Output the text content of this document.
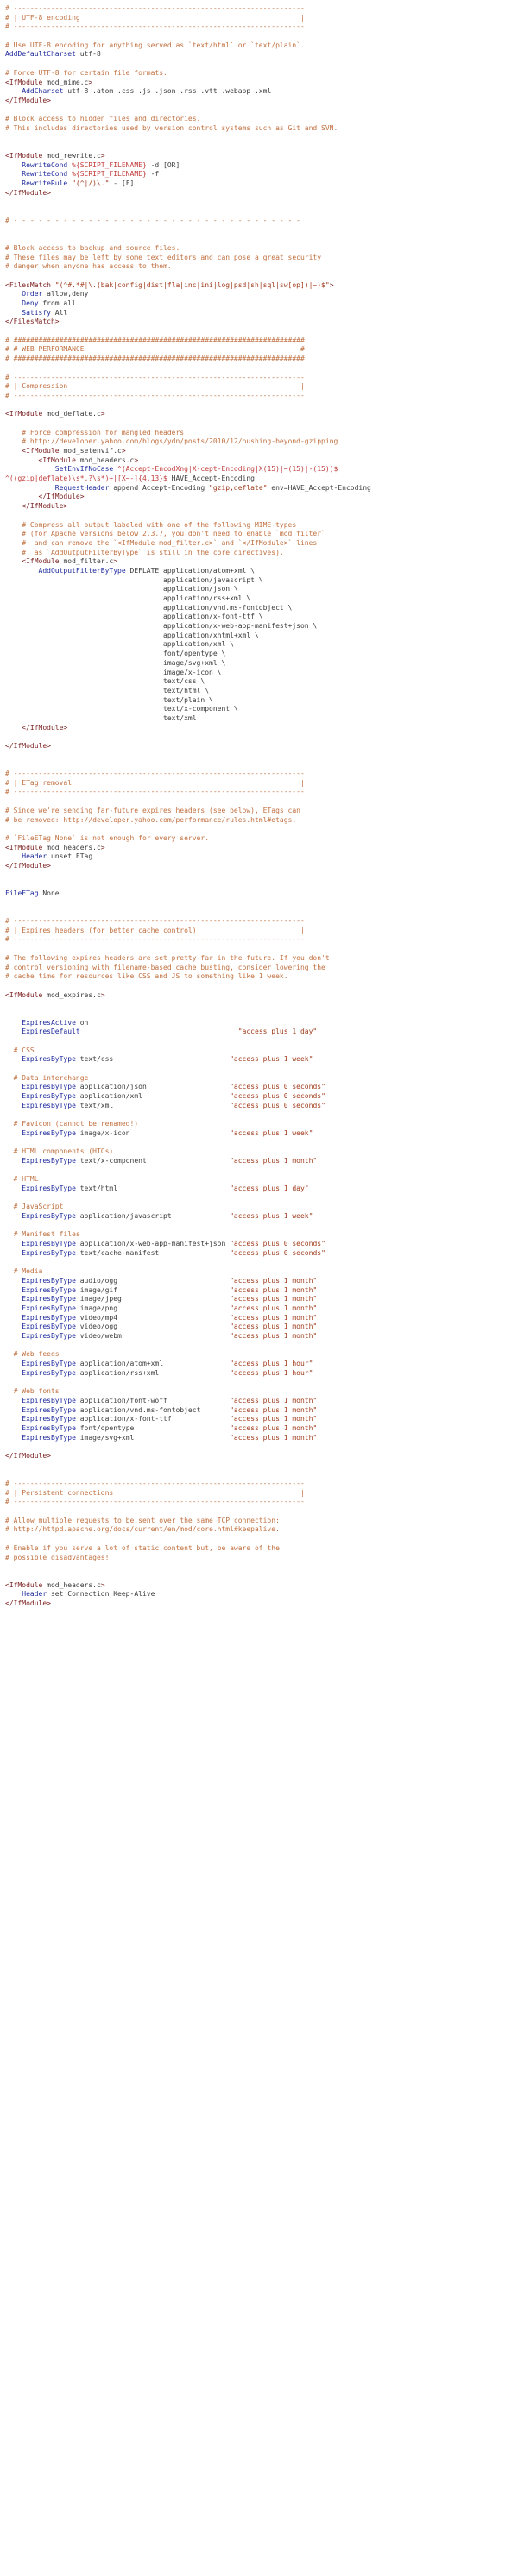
# ----------------------------------------------------------------------
# | UTF-8 encoding                                                     |
# ----------------------------------------------------------------------

# Use UTF-8 encoding for anything served as `text/html` or `text/plain`.
AddDefaultCharset utf-8

# Force UTF-8 for certain file formats.
<IfModule mod_mime.c>
AddCharset utf-8 .atom .css .js .json .rss .vtt .webapp .xml
</IfModule>

# Block access to hidden files and directories.
# This includes directories used by version control systems such as Git and SVN.

<IfModule mod_rewrite.c>
RewriteCond %{SCRIPT_FILENAME} -d [OR]
RewriteCond %{SCRIPT_FILENAME} -f
RewriteRule "(^|/)\." - [F]
</IfModule>

# - - - - - - - - - - - - - - - - - - - - - - - - - - - - - - - - - - -

# Block access to backup and source files.
# These files may be left by some text editors and can pose a great security
# danger when anyone has access to them.

<FilesMatch "(^#.*#|\.(bak|config|dist|fla|inc|ini|log|psd|sh|sql|sw[op])|~)$">
Order allow,deny
Deny from all
Satisfy All
</FilesMatch>

# ######################################################################
# # WEB PERFORMANCE                                                    #
# ######################################################################

# ----------------------------------------------------------------------
# | Compression                                                        |
# ----------------------------------------------------------------------

<IfModule mod_deflate.c>

# Force compression for mangled headers.
# http://developer.yahoo.com/blogs/ydn/posts/2010/12/pushing-beyond-gzipping
<IfModule mod_setenvif.c>
<IfModule mod_headers.c>
SetEnvIfNoCase ^(Accept-EncodXng|X-cept-Encoding|X(15)|~(15)|-(15))$
^((gzip|deflate)\s*,?\s*)+|[X~-]{4,13}$ HAVE_Accept-Encoding
RequestHeader append Accept-Encoding "gzip,deflate" env=HAVE_Accept-Encoding
</IfModule>
</IfModule>

# Compress all output labeled with one of the following MIME-types
# (for Apache versions below 2.3.7, you don't need to enable `mod_filter`
#  and can remove the `<IfModule mod_filter.c>` and `</IfModule>` lines
#  as `AddOutputFilterByType` is still in the core directives).
<IfModule mod_filter.c>
AddOutputFilterByType DEFLATE application/atom+xml \
application/javascript \
application/json \
application/rss+xml \
application/vnd.ms-fontobject \
application/x-font-ttf \
application/x-web-app-manifest+json \
application/xhtml+xml \
application/xml \
font/opentype \
image/svg+xml \
image/x-icon \
text/css \
text/html \
text/plain \
text/x-component \
text/xml
</IfModule>

</IfModule>

# ----------------------------------------------------------------------
# | ETag removal                                                       |
# ----------------------------------------------------------------------

# Since we're sending far-future expires headers (see below), ETags can
# be removed: http://developer.yahoo.com/performance/rules.html#etags.

# `FileETag None` is not enough for every server.
<IfModule mod_headers.c>
Header unset ETag
</IfModule>

FileETag None

# ----------------------------------------------------------------------
# | Expires headers (for better cache control)                         |
# ----------------------------------------------------------------------

# The following expires headers are set pretty far in the future. If you don't
# control versioning with filename-based cache busting, consider lowering the
# cache time for resources like CSS and JS to something like 1 week.

<IfModule mod_expires.c>

ExpiresActive on
ExpiresDefault	"access plus 1 day"

# CSS
ExpiresByType text/css                            "access plus 1 week"

# Data interchange
ExpiresByType application/json                    "access plus 0 seconds"
ExpiresByType application/xml                     "access plus 0 seconds"
ExpiresByType text/xml                            "access plus 0 seconds"

# Favicon (cannot be renamed!)
ExpiresByType image/x-icon                        "access plus 1 week"

# HTML components (HTCs)
ExpiresByType text/x-component                    "access plus 1 month"

# HTML
ExpiresByType text/html                           "access plus 1 day"

# JavaScript
ExpiresByType application/javascript              "access plus 1 week"

# Manifest files
ExpiresByType application/x-web-app-manifest+json "access plus 0 seconds"
ExpiresByType text/cache-manifest                 "access plus 0 seconds"

# Media
ExpiresByType audio/ogg                           "access plus 1 month"
ExpiresByType image/gif                           "access plus 1 month"
ExpiresByType image/jpeg                          "access plus 1 month"
ExpiresByType image/png                           "access plus 1 month"
ExpiresByType video/mp4                           "access plus 1 month"
ExpiresByType video/ogg                           "access plus 1 month"
ExpiresByType video/webm                          "access plus 1 month"

# Web feeds
ExpiresByType application/atom+xml                "access plus 1 hour"
ExpiresByType application/rss+xml                 "access plus 1 hour"

# Web fonts
ExpiresByType application/font-woff               "access plus 1 month"
ExpiresByType application/vnd.ms-fontobject       "access plus 1 month"
ExpiresByType application/x-font-ttf              "access plus 1 month"
ExpiresByType font/opentype                       "access plus 1 month"
ExpiresByType image/svg+xml                       "access plus 1 month"

</IfModule>

# ----------------------------------------------------------------------
# | Persistent connections                                             |
# ----------------------------------------------------------------------

# Allow multiple requests to be sent over the same TCP connection:
# http://httpd.apache.org/docs/current/en/mod/core.html#keepalive.

# Enable if you serve a lot of static content but, be aware of the
# possible disadvantages!

<IfModule mod_headers.c>
Header set Connection Keep-Alive
</IfModule>
